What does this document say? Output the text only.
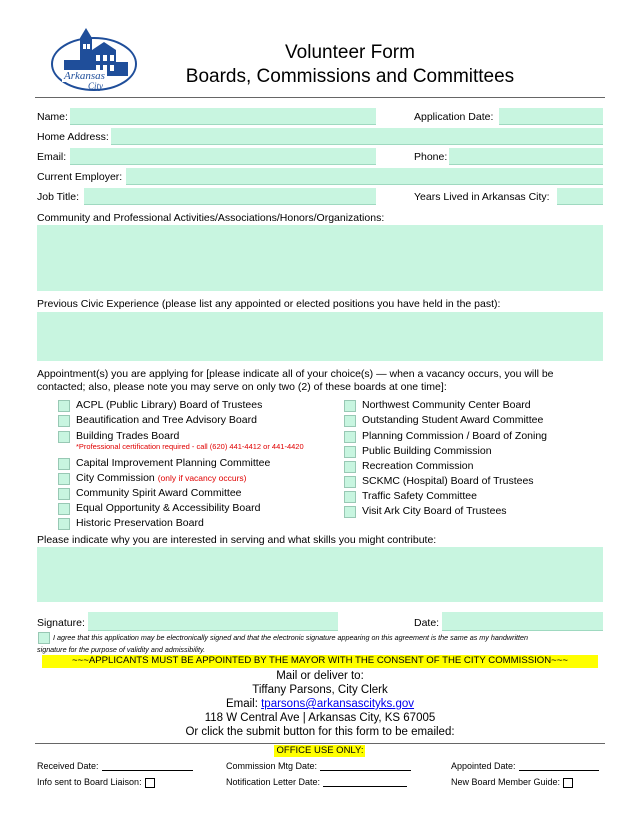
Arkansas
City
Volunteer Form
Boards, Commissions and Committees
Name:	Application Date:
Home Address:
Email:	Phone:
Current Employer:
Job Title:	Years Lived in Arkansas City:
Community and Professional Activities/Associations/Honors/Organizations:
Previous Civic Experience (please list any appointed or elected positions you have held in the past):
Appointment(s) you are applying for [please indicate all of your choice(s) — when a vacancy occurs, you will be
contacted; also, please note you may serve on only two (2) of these boards at one time]:
ACPL (Public Library) Board of Trustees
Beautification and Tree Advisory Board
Building Trades Board
*Professional certification required - call (620) 441-4412 or 441-4420
Capital Improvement Planning Committee
City Commission (only if vacancy occurs)
Community Spirit Award Committee
Equal Opportunity & Accessibility Board
Historic Preservation Board
Northwest Community Center Board
Outstanding Student Award Committee
Planning Commission / Board of Zoning
Public Building Commission
Recreation Commission
SCKMC (Hospital) Board of Trustees
Traffic Safety Committee
Visit Ark City Board of Trustees
Please indicate why you are interested in serving and what skills you might contribute:
Signature:	Date:
I agree that this application may be electronically signed and that the electronic signature appearing on this agreement is the same as my handwritten
signature for the purpose of validity and admissibility.
~~~APPLICANTS MUST BE APPOINTED BY THE MAYOR WITH THE CONSENT OF THE CITY COMMISSION~~~
Mail or deliver to:
Tiffany Parsons, City Clerk
Email: tparsons@arkansascityks.gov
118 W Central Ave | Arkansas City, KS 67005
Or click the submit button for this form to be emailed:
OFFICE USE ONLY:
Received Date:	Commission Mtg Date:	Appointed Date:
Info sent to Board Liaison:	Notification Letter Date:	New Board Member Guide:
